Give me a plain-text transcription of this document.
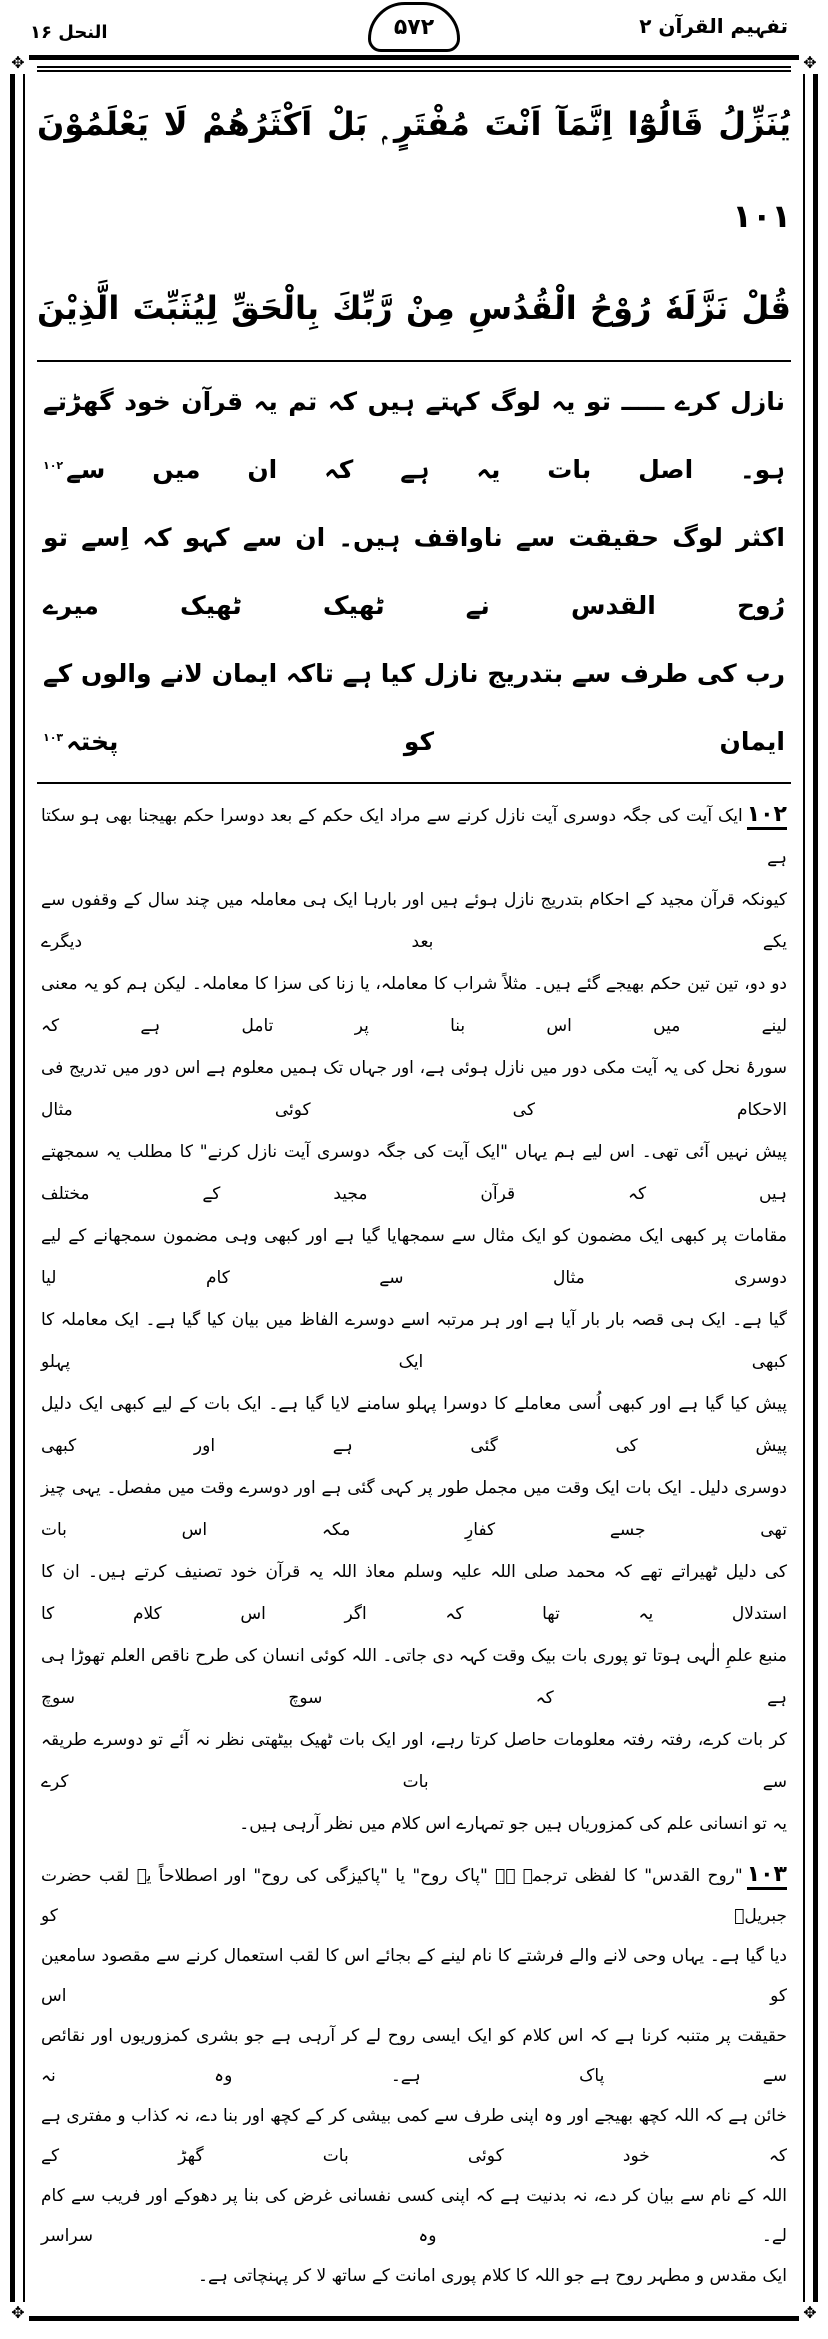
تفہیم القرآن ۲
۵۷۲
النحل ۱۶
✥	✥
✥	✥
يُنَزِّلُ قَالُوْٓا اِنَّمَآ اَنْتَ مُفْتَرٍ ۭ بَلْ اَكْثَرُهُمْ لَا يَعْلَمُوْنَ ١٠١
قُلْ نَزَّلَهٗ رُوْحُ الْقُدُسِ مِنْ رَّبِّكَ بِالْحَقِّ لِيُثَبِّتَ الَّذِيْنَ
نازل کرے ـــــ تو یہ لوگ کہتے ہیں کہ تم یہ قرآن خود گھڑتے ہو۔ اصل بات یہ ہے کہ ان میں سے$^{۱۰۲}$
اکثر لوگ حقیقت سے ناواقف ہیں۔ ان سے کہو کہ اِسے تو رُوح القدس نے ٹھیک ٹھیک میرے
رب کی طرف سے بتدریج نازل کیا ہے تاکہ ایمان لانے والوں کے ایمان کو پختہ$^{۱۰۳}$
۱۰۲ایک آیت کی جگہ دوسری آیت نازل کرنے سے مراد ایک حکم کے بعد دوسرا حکم بھیجنا بھی ہو سکتا ہے
کیونکہ قرآن مجید کے احکام بتدریج نازل ہوئے ہیں اور بارہا ایک ہی معاملہ میں چند سال کے وقفوں سے یکے بعد دیگرے
دو دو، تین تین حکم بھیجے گئے ہیں۔ مثلاً شراب کا معاملہ، یا زنا کی سزا کا معاملہ۔ لیکن ہم کو یہ معنی لینے میں اس بنا پر تامل ہے کہ
سورۂ نحل کی یہ آیت مکی دور میں نازل ہوئی ہے، اور جہاں تک ہمیں معلوم ہے اس دور میں تدریج فی الاحکام کی کوئی مثال
پیش نہیں آئی تھی۔ اس لیے ہم یہاں "ایک آیت کی جگہ دوسری آیت نازل کرنے" کا مطلب یہ سمجھتے ہیں کہ قرآن مجید کے مختلف
مقامات پر کبھی ایک مضمون کو ایک مثال سے سمجھایا گیا ہے اور کبھی وہی مضمون سمجھانے کے لیے دوسری مثال سے کام لیا
گیا ہے۔ ایک ہی قصہ بار بار آیا ہے اور ہر مرتبہ اسے دوسرے الفاظ میں بیان کیا گیا ہے۔ ایک معاملہ کا کبھی ایک پہلو
پیش کیا گیا ہے اور کبھی اُسی معاملے کا دوسرا پہلو سامنے لایا گیا ہے۔ ایک بات کے لیے کبھی ایک دلیل پیش کی گئی ہے اور کبھی
دوسری دلیل۔ ایک بات ایک وقت میں مجمل طور پر کہی گئی ہے اور دوسرے وقت میں مفصل۔ یہی چیز تھی جسے کفارِ مکہ اس بات
کی دلیل ٹھیراتے تھے کہ محمد صلی اللہ علیہ وسلم معاذ اللہ یہ قرآن خود تصنیف کرتے ہیں۔ ان کا استدلال یہ تھا کہ اگر اس کلام کا
منبع علمِ الٰہی ہوتا تو پوری بات بیک وقت کہہ دی جاتی۔ اللہ کوئی انسان کی طرح ناقص العلم تھوڑا ہی ہے کہ سوچ سوچ
کر بات کرے، رفتہ رفتہ معلومات حاصل کرتا رہے، اور ایک بات ٹھیک بیٹھتی نظر نہ آئے تو دوسرے طریقہ سے بات کرے
یہ تو انسانی علم کی کمزوریاں ہیں جو تمہارے اس کلام میں نظر آرہی ہیں۔
۱۰۳"روح القدس" کا لفظی ترجمہ ہے "پاک روح" یا "پاکیزگی کی روح" اور اصطلاحاً یہ لقب حضرت جبریلؑ کو
دیا گیا ہے۔ یہاں وحی لانے والے فرشتے کا نام لینے کے بجائے اس کا لقب استعمال کرنے سے مقصود سامعین کو اس
حقیقت پر متنبہ کرنا ہے کہ اس کلام کو ایک ایسی روح لے کر آرہی ہے جو بشری کمزوریوں اور نقائص سے پاک ہے۔ وہ نہ
خائن ہے کہ اللہ کچھ بھیجے اور وہ اپنی طرف سے کمی بیشی کر کے کچھ اور بنا دے، نہ کذاب و مفتری ہے کہ خود کوئی بات گھڑ کے
اللہ کے نام سے بیان کر دے، نہ بدنیت ہے کہ اپنی کسی نفسانی غرض کی بنا پر دھوکے اور فریب سے کام لے۔ وہ سراسر
ایک مقدس و مطہر روح ہے جو اللہ کا کلام پوری امانت کے ساتھ لا کر پہنچاتی ہے۔
